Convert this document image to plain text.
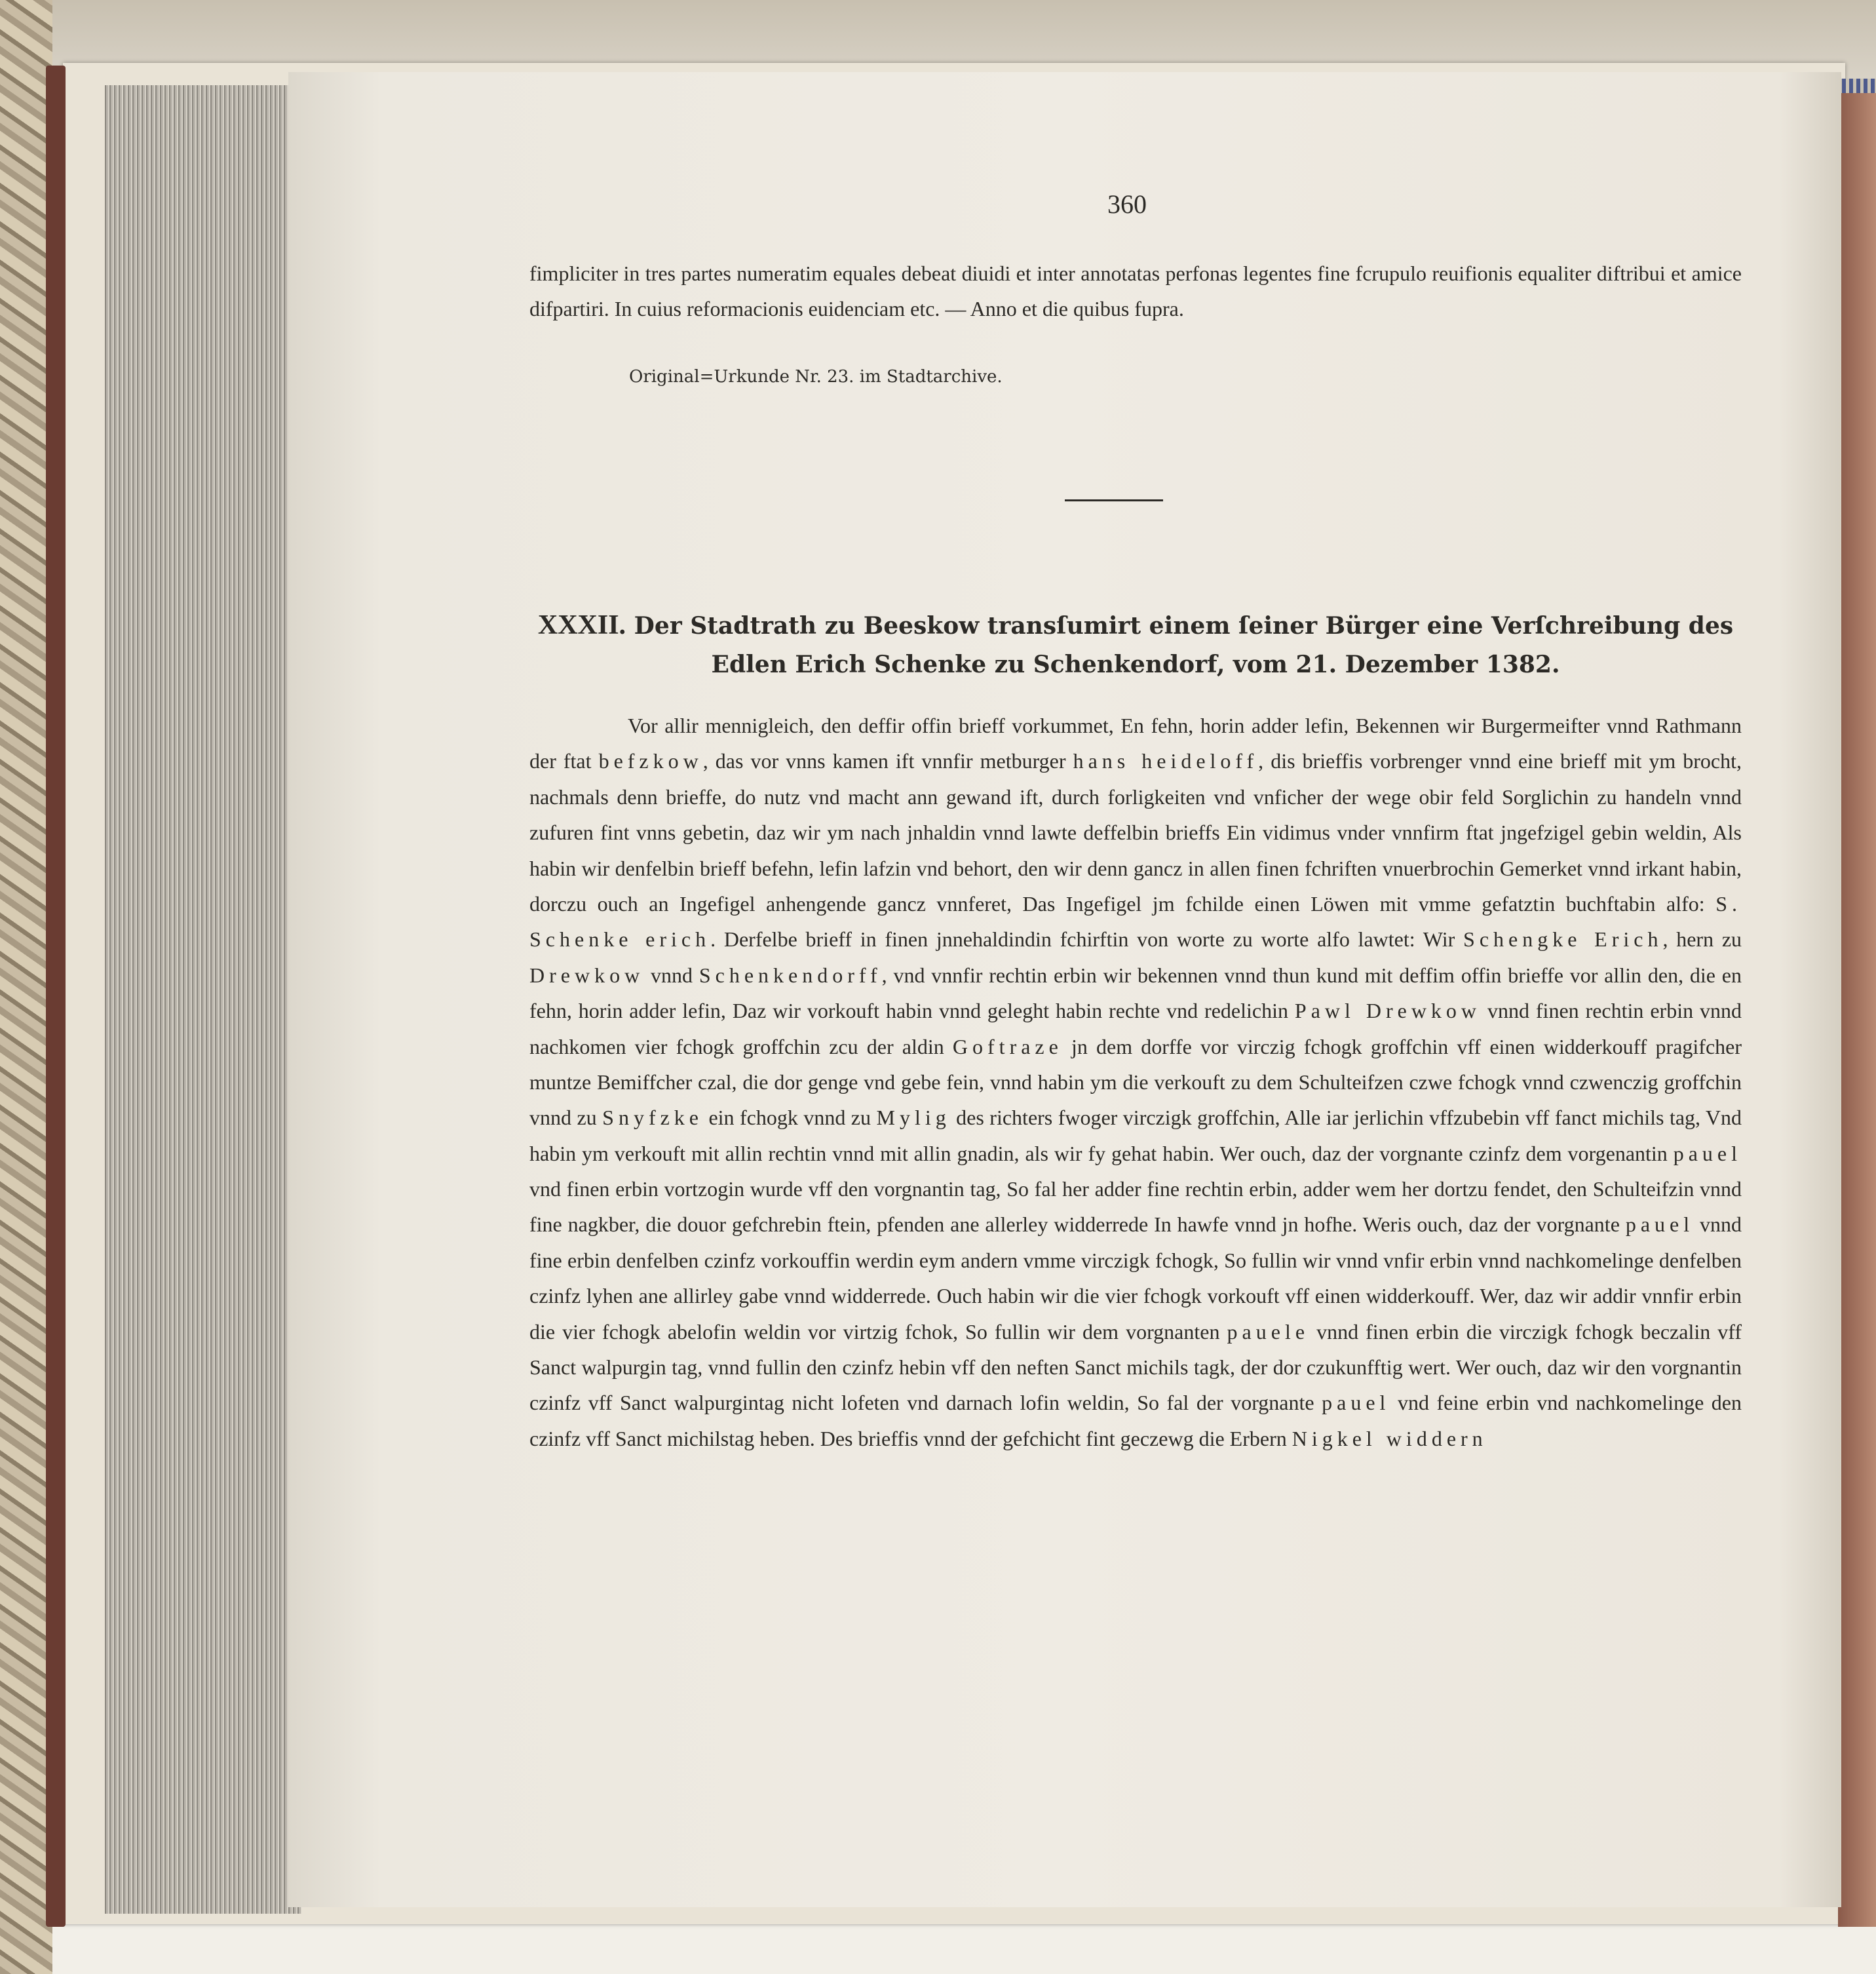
360
fimpliciter in tres partes numeratim equales debeat diuidi et inter annotatas perfonas legentes fine fcrupulo reuifionis equaliter diftribui et amice difpartiri. In cuius reformacionis euidenciam etc. — Anno et die quibus fupra.
Original=Urkunde Nr. 23. im Stadtarchive.
XXXII. Der Stadtrath zu Beeskow transſumirt einem ſeiner Bürger eine Verſchreibung des Edlen Erich Schenke zu Schenkendorf, vom 21. Dezember 1382.
Vor allir mennigleich, den deffir offin brieff vorkummet, En fehn, horin adder lefin, Bekennen wir Burgermeifter vnnd Rathmann der ftat befzkow, das vor vnns kamen ift vnnfir metburger hans heideloff, dis brieffis vorbrenger vnnd eine brieff mit ym brocht, nachmals denn brieffe, do nutz vnd macht ann gewand ift, durch forligkeiten vnd vnficher der wege obir feld Sorglichin zu handeln vnnd zufuren fint vnns gebetin, daz wir ym nach jnhaldin vnnd lawte deffelbin brieffs Ein vidimus vnder vnnfirm ftat jngefzigel gebin weldin, Als habin wir denfelbin brieff befehn, lefin lafzin vnd behort, den wir denn gancz in allen finen fchriften vnuerbrochin Gemerket vnnd irkant habin, dorczu ouch an Ingefigel anhengende gancz vnnferet, Das Ingefigel jm fchilde einen Löwen mit vmme gefatztin buchftabin alfo: S. Schenke erich. Derfelbe brieff in finen jnnehaldindin fchirftin von worte zu worte alfo lawtet: Wir Schengke Erich, hern zu Drewkow vnnd Schenkendorff, vnd vnnfir rechtin erbin wir bekennen vnnd thun kund mit deffim offin brieffe vor allin den, die en fehn, horin adder lefin, Daz wir vorkouft habin vnnd geleght habin rechte vnd redelichin Pawl Drewkow vnnd finen rechtin erbin vnnd nachkomen vier fchogk groffchin zcu der aldin Goftraze jn dem dorffe vor virczig fchogk groffchin vff einen widderkouff pragifcher muntze Bemiffcher czal, die dor genge vnd gebe fein, vnnd habin ym die verkouft zu dem Schulteifzen czwe fchogk vnnd czwenczig groffchin vnnd zu Snyfzke ein fchogk vnnd zu Mylig des richters fwoger virczigk groffchin, Alle iar jerlichin vffzubebin vff fanct michils tag, Vnd habin ym verkouft mit allin rechtin vnnd mit allin gnadin, als wir fy gehat habin. Wer ouch, daz der vorgnante czinfz dem vorgenantin pauel vnd finen erbin vortzogin wurde vff den vorgnantin tag, So fal her adder fine rechtin erbin, adder wem her dortzu fendet, den Schulteifzin vnnd fine nagkber, die douor gefchrebin ftein, pfenden ane allerley widderrede In hawfe vnnd jn hofhe. Weris ouch, daz der vorgnante pauel vnnd fine erbin denfelben czinfz vorkouffin werdin eym andern vmme virczigk fchogk, So fullin wir vnnd vnfir erbin vnnd nachkomelinge denfelben czinfz lyhen ane allirley gabe vnnd widderrede. Ouch habin wir die vier fchogk vorkouft vff einen widderkouff. Wer, daz wir addir vnnfir erbin die vier fchogk abelofin weldin vor virtzig fchok, So fullin wir dem vorgnanten pauele vnnd finen erbin die virczigk fchogk beczalin vff Sanct walpurgin tag, vnnd fullin den czinfz hebin vff den neften Sanct michils tagk, der dor czukunfftig wert. Wer ouch, daz wir den vorgnantin czinfz vff Sanct walpurgintag nicht lofeten vnd darnach lofin weldin, So fal der vorgnante pauel vnd feine erbin vnd nachkomelinge den czinfz vff Sanct michilstag heben. Des brieffis vnnd der gefchicht fint geczewg die Erbern Nigkel widdern
